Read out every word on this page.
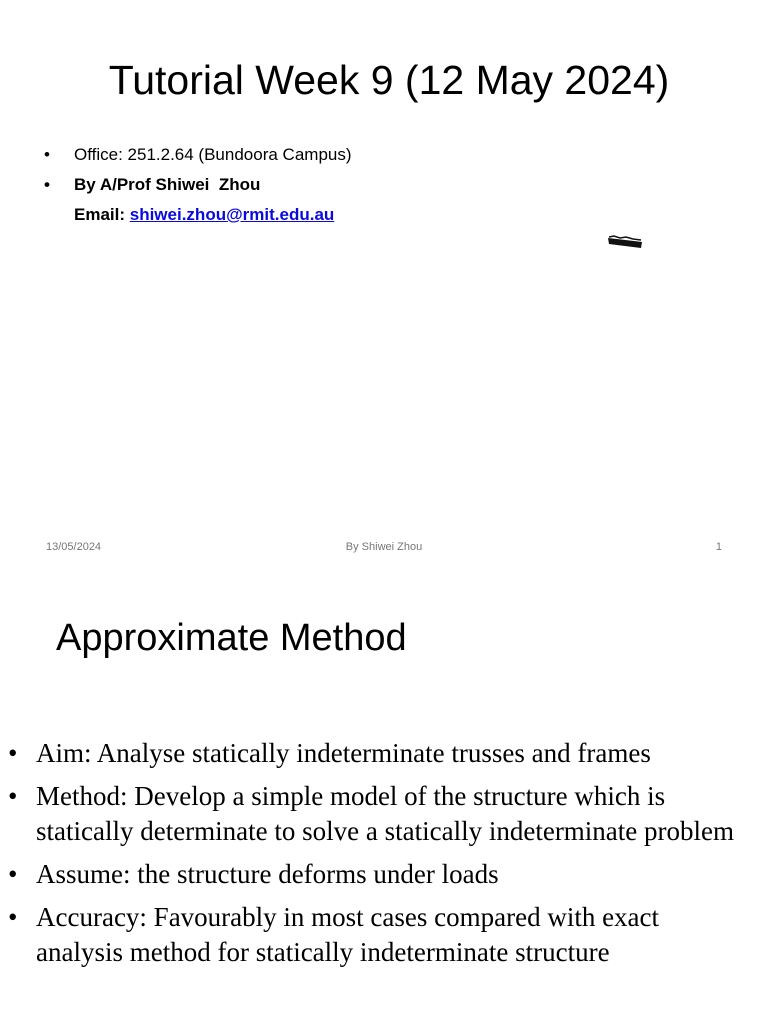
Tutorial Week 9 (12 May 2024)
• Office: 251.2.64 (Bundoora Campus)
• By A/Prof Shiwei  Zhou
Email: shiwei.zhou@rmit.edu.au
13/05/2024	By Shiwei Zhou	1
Approximate Method
• Aim: Analyse statically indeterminate trusses and frames
• Method: Develop a simple model of the structure which is statically determinate to solve a statically indeterminate problem
• Assume: the structure deforms under loads
• Accuracy: Favourably in most cases compared with exact analysis method for statically indeterminate structure
